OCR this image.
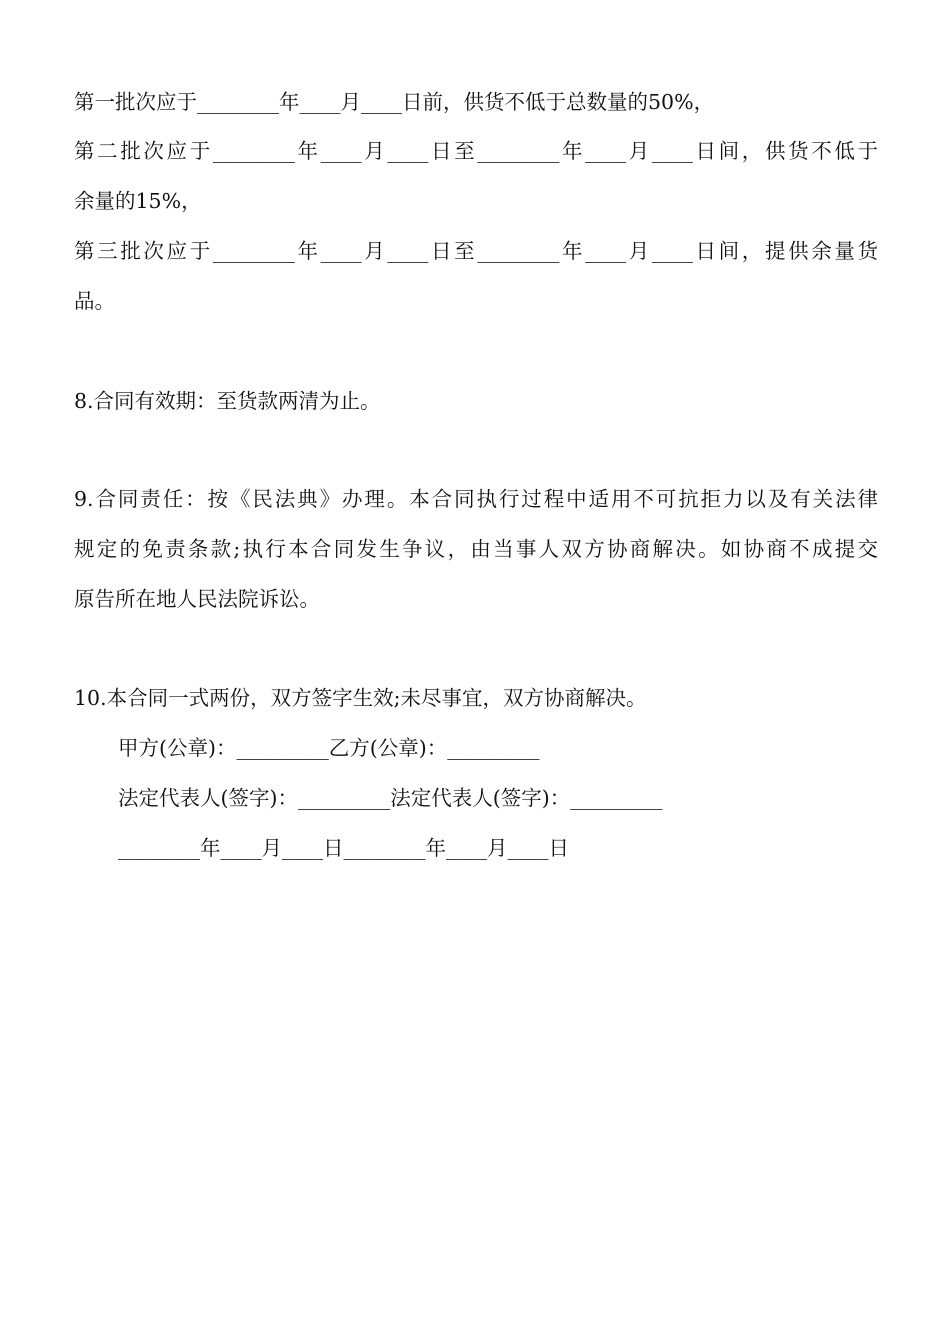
第一批次应于________年____月____日前，供货不低于总数量的50%，
第二批次应于________年____月____日至________年____月____日间，供货不低于
余量的15%，
第三批次应于________年____月____日至________年____月____日间，提供余量货
品。
8.合同有效期：至货款两清为止。
9.合同责任：按《民法典》办理。本合同执行过程中适用不可抗拒力以及有关法律
规定的免责条款;执行本合同发生争议，由当事人双方协商解决。如协商不成提交
原告所在地人民法院诉讼。
10.本合同一式两份，双方签字生效;未尽事宜，双方协商解决。
甲方(公章)：_________乙方(公章)：_________
法定代表人(签字)：_________法定代表人(签字)：_________
________年____月____日________年____月____日
